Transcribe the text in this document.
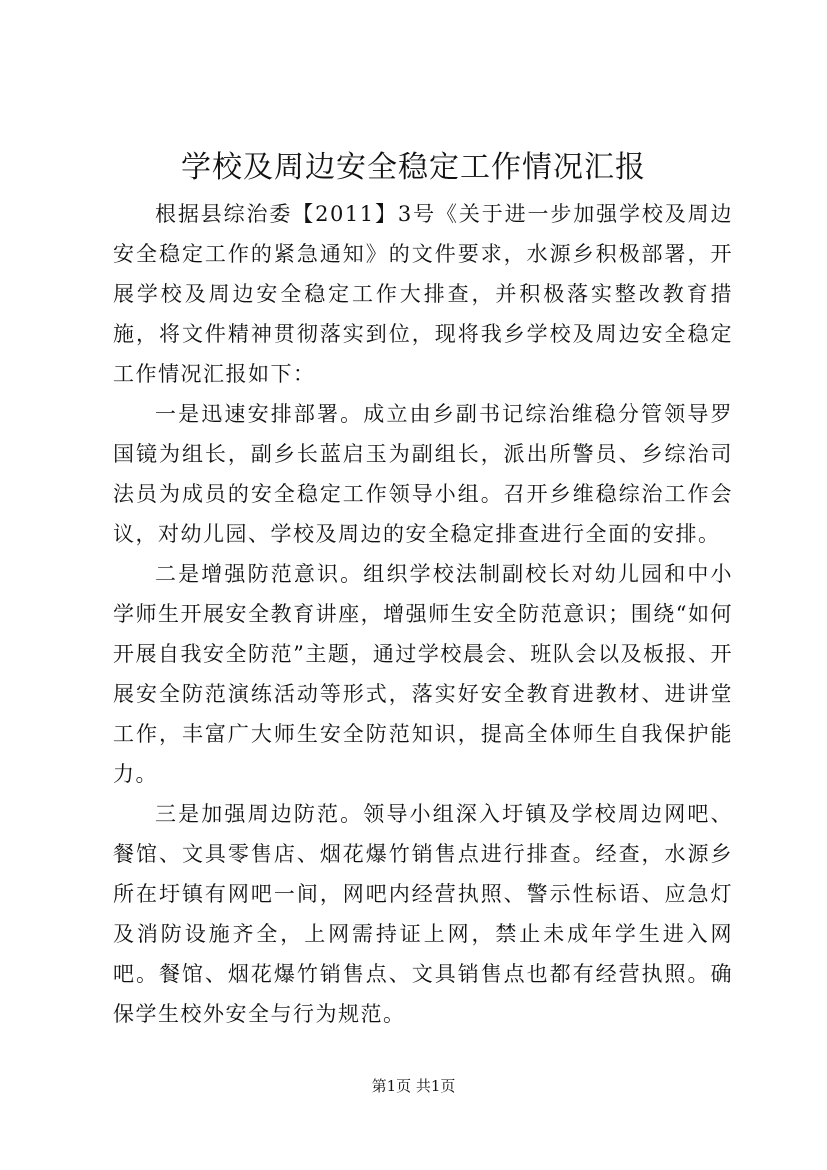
学校及周边安全稳定工作情况汇报

根据县综治委【2011】3号《关于进一步加强学校及周边安全稳定工作的紧急通知》的文件要求，水源乡积极部署，开展学校及周边安全稳定工作大排查，并积极落实整改教育措施，将文件精神贯彻落实到位，现将我乡学校及周边安全稳定工作情况汇报如下：

一是迅速安排部署。成立由乡副书记综治维稳分管领导罗国镜为组长，副乡长蓝启玉为副组长，派出所警员、乡综治司法员为成员的安全稳定工作领导小组。召开乡维稳综治工作会议，对幼儿园、学校及周边的安全稳定排查进行全面的安排。

二是增强防范意识。组织学校法制副校长对幼儿园和中小学师生开展安全教育讲座，增强师生安全防范意识；围绕“如何开展自我安全防范”主题，通过学校晨会、班队会以及板报、开展安全防范演练活动等形式，落实好安全教育进教材、进讲堂工作，丰富广大师生安全防范知识，提高全体师生自我保护能力。

三是加强周边防范。领导小组深入圩镇及学校周边网吧、餐馆、文具零售店、烟花爆竹销售点进行排查。经查，水源乡所在圩镇有网吧一间，网吧内经营执照、警示性标语、应急灯及消防设施齐全，上网需持证上网，禁止未成年学生进入网吧。餐馆、烟花爆竹销售点、文具销售点也都有经营执照。确保学生校外安全与行为规范。

第1页 共1页
